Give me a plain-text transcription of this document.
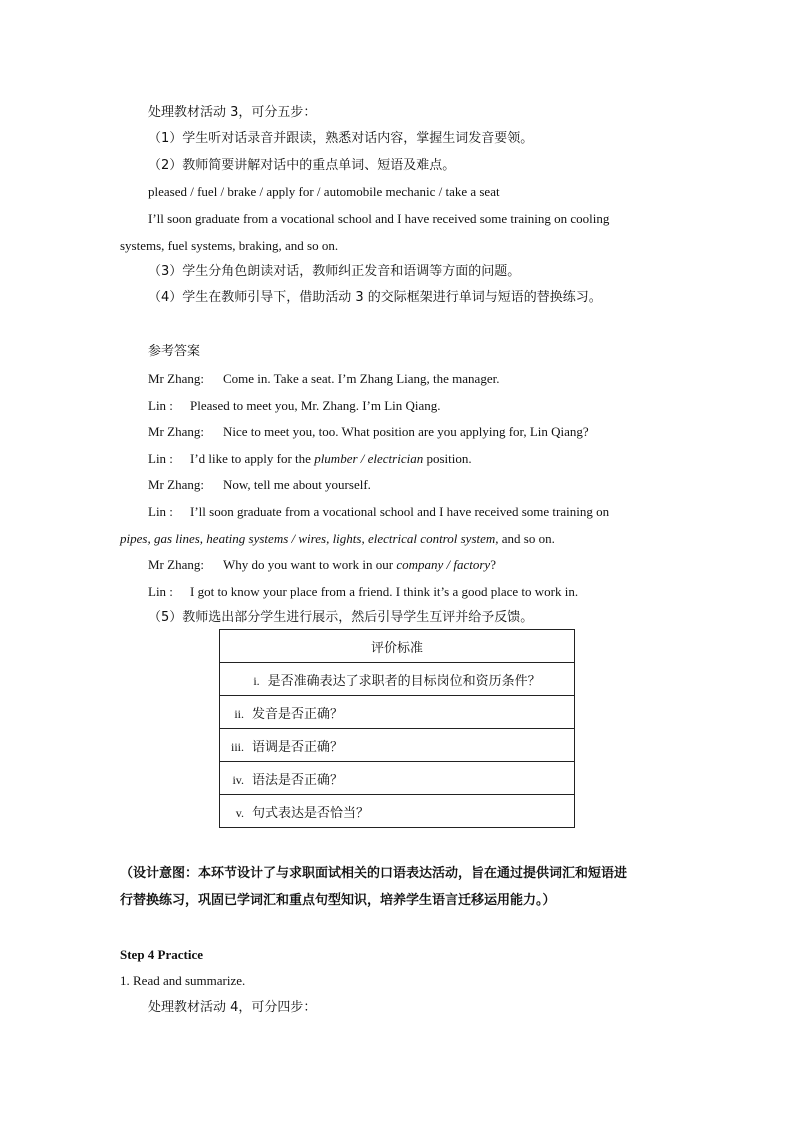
处理教材活动 3，可分五步：
（1）学生听对话录音并跟读，熟悉对话内容，掌握生词发音要领。
（2）教师简要讲解对话中的重点单词、短语及难点。
pleased / fuel / brake / apply for / automobile mechanic / take a seat
I’ll soon graduate from a vocational school and I have received some training on cooling
systems, fuel systems, braking, and so on.
（3）学生分角色朗读对话，教师纠正发音和语调等方面的问题。
（4）学生在教师引导下，借助活动 3 的交际框架进行单词与短语的替换练习。
参考答案
Mr Zhang: Come in. Take a seat. I’m Zhang Liang, the manager.
Lin : Pleased to meet you, Mr. Zhang. I’m Lin Qiang.
Mr Zhang: Nice to meet you, too. What position are you applying for, Lin Qiang?
Lin : I’d like to apply for the plumber / electrician position.
Mr Zhang: Now, tell me about yourself.
Lin : I’ll soon graduate from a vocational school and I have received some training on
pipes, gas lines, heating systems / wires, lights, electrical control system, and so on.
Mr Zhang: Why do you want to work in our company / factory?
Lin : I got to know your place from a friend. I think it’s a good place to work in.
（5）教师选出部分学生进行展示，然后引导学生互评并给予反馈。
评价标准
i. 是否准确表达了求职者的目标岗位和资历条件？
ii. 发音是否正确？
iii. 语调是否正确？
iv. 语法是否正确？
v. 句式表达是否恰当？
（设计意图：本环节设计了与求职面试相关的口语表达活动，旨在通过提供词汇和短语进
行替换练习，巩固已学词汇和重点句型知识，培养学生语言迁移运用能力。）
Step 4 Practice
1. Read and summarize.
处理教材活动 4，可分四步：
